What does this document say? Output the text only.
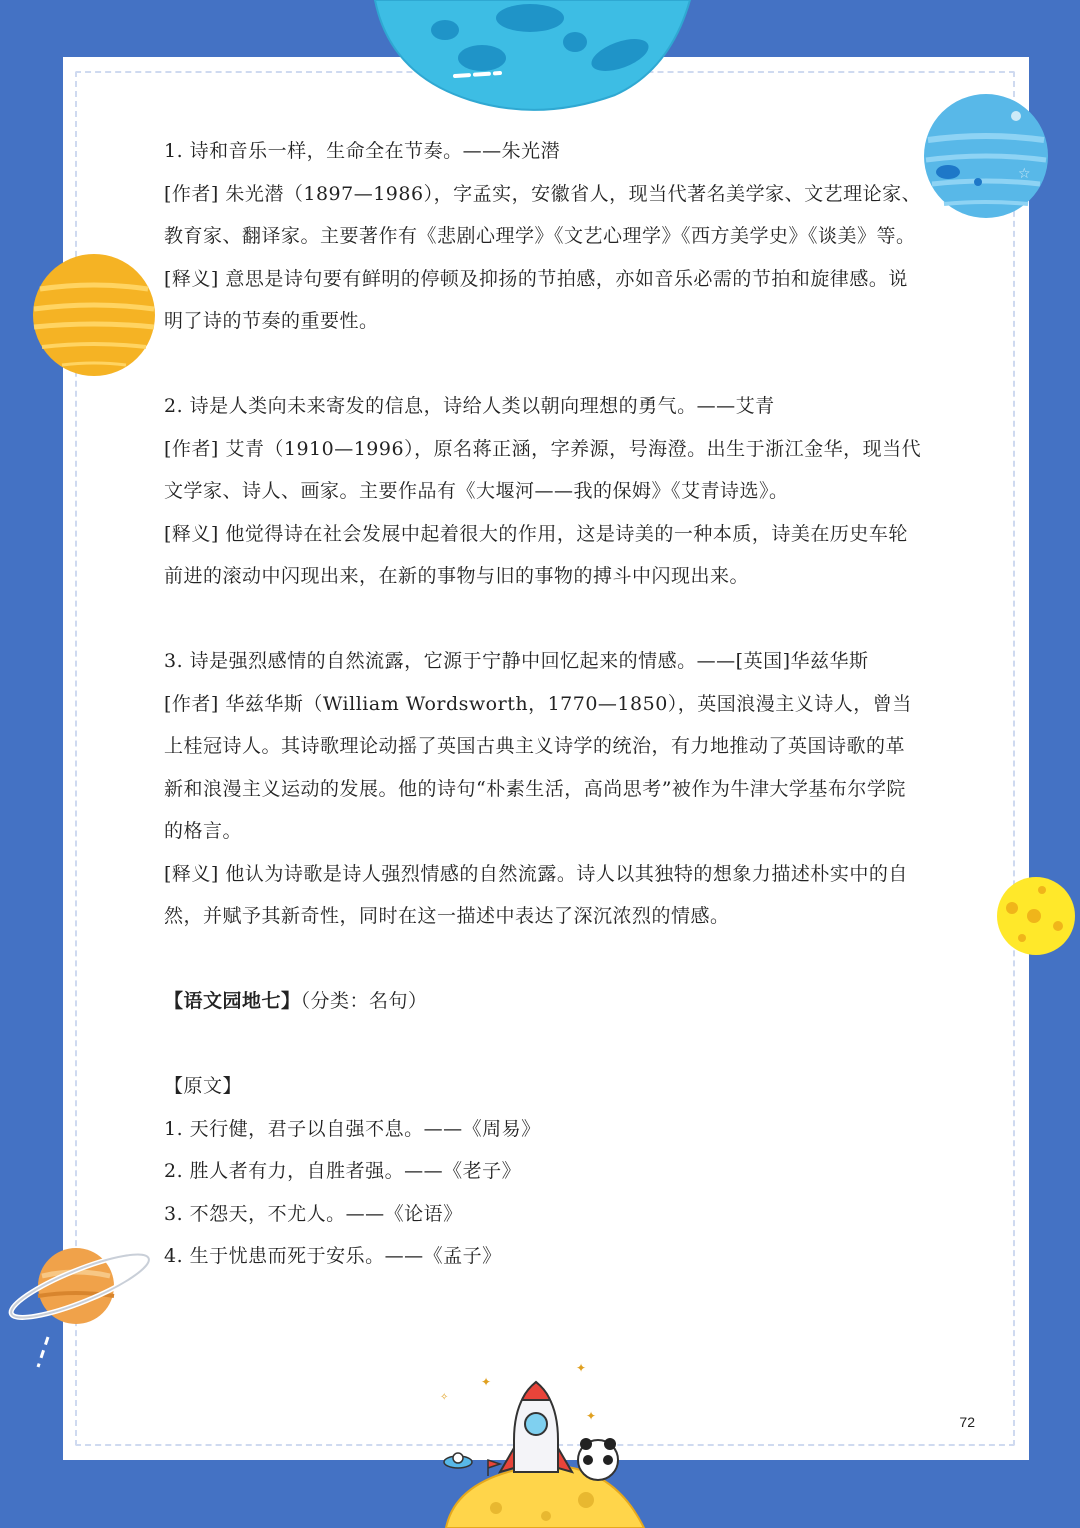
1. 诗和音乐一样，生命全在节奏。——朱光潜

[作者] 朱光潜（1897—1986），字孟实，安徽省人，现当代著名美学家、文艺理论家、教育家、翻译家。主要著作有《悲剧心理学》《文艺心理学》《西方美学史》《谈美》等。

[释义] 意思是诗句要有鲜明的停顿及抑扬的节拍感，亦如音乐必需的节拍和旋律感。说明了诗的节奏的重要性。

2. 诗是人类向未来寄发的信息，诗给人类以朝向理想的勇气。——艾青

[作者] 艾青（1910—1996），原名蒋正涵，字养源，号海澄。出生于浙江金华，现当代文学家、诗人、画家。主要作品有《大堰河——我的保姆》《艾青诗选》。

[释义] 他觉得诗在社会发展中起着很大的作用，这是诗美的一种本质，诗美在历史车轮前进的滚动中闪现出来，在新的事物与旧的事物的搏斗中闪现出来。

3. 诗是强烈感情的自然流露，它源于宁静中回忆起来的情感。——[英国]华兹华斯

[作者] 华兹华斯（William Wordsworth，1770—1850），英国浪漫主义诗人，曾当上桂冠诗人。其诗歌理论动摇了英国古典主义诗学的统治，有力地推动了英国诗歌的革新和浪漫主义运动的发展。他的诗句“朴素生活，高尚思考”被作为牛津大学基布尔学院的格言。

[释义] 他认为诗歌是诗人强烈情感的自然流露。诗人以其独特的想象力描述朴实中的自然，并赋予其新奇性，同时在这一描述中表达了深沉浓烈的情感。

【语文园地七】（分类：名句）

【原文】

1. 天行健，君子以自强不息。——《周易》

2. 胜人者有力，自胜者强。——《老子》

3. 不怨天，不尤人。——《论语》

4. 生于忧患而死于安乐。——《孟子》

72
☆
✦
✦
✦
✧
